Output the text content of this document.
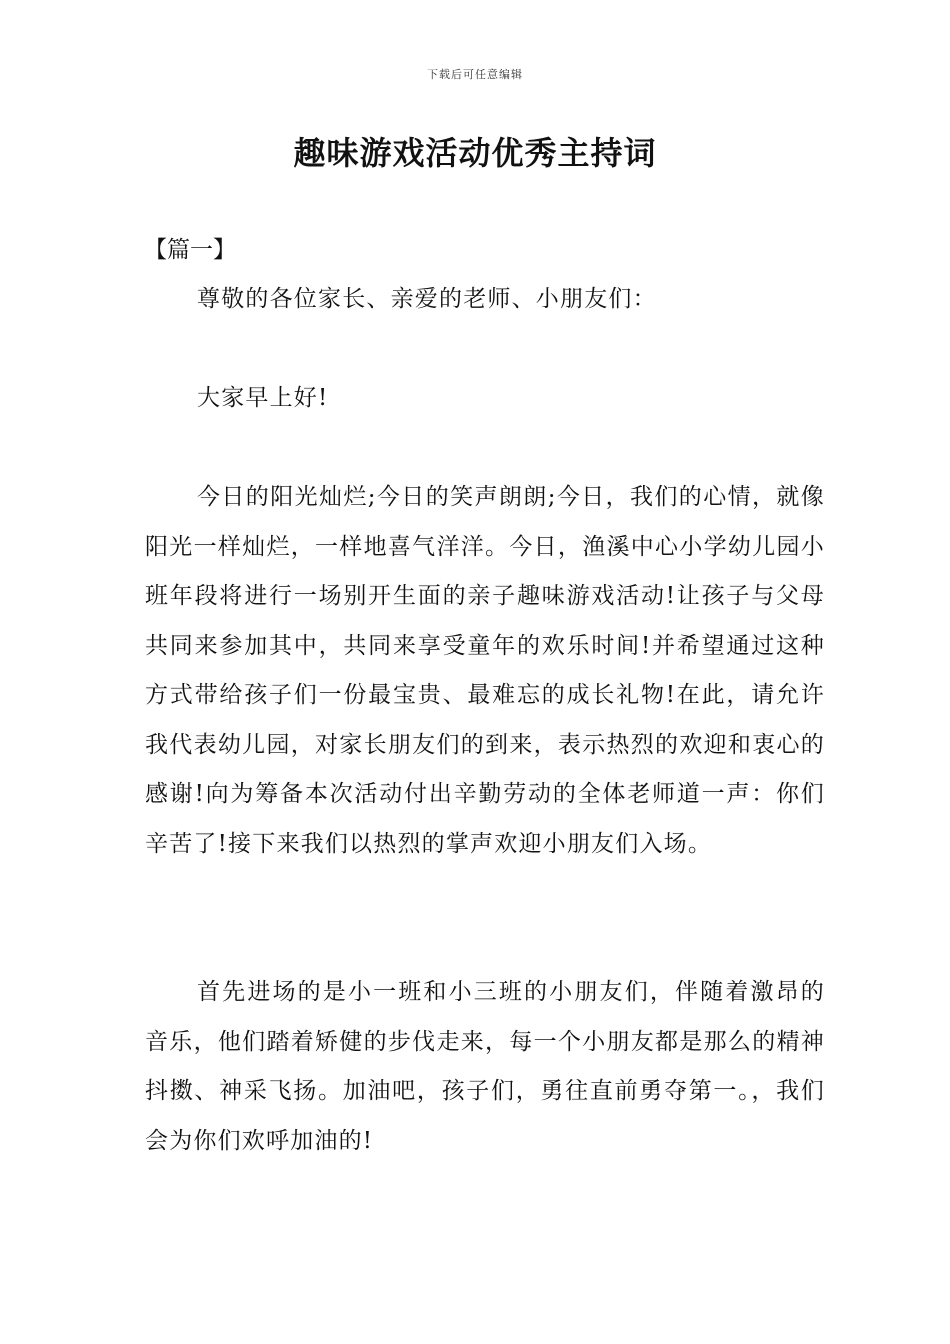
下载后可任意编辑
趣味游戏活动优秀主持词
【篇一】

尊敬的各位家长、亲爱的老师、小朋友们：

大家早上好!

今日的阳光灿烂;今日的笑声朗朗;今日，我们的心情，就像阳光一样灿烂，一样地喜气洋洋。今日，渔溪中心小学幼儿园小班年段将进行一场别开生面的亲子趣味游戏活动!让孩子与父母共同来参加其中，共同来享受童年的欢乐时间!并希望通过这种方式带给孩子们一份最宝贵、最难忘的成长礼物!在此，请允许我代表幼儿园，对家长朋友们的到来，表示热烈的欢迎和衷心的感谢!向为筹备本次活动付出辛勤劳动的全体老师道一声：你们辛苦了!接下来我们以热烈的掌声欢迎小朋友们入场。

首先进场的是小一班和小三班的小朋友们，伴随着激昂的音乐，他们踏着矫健的步伐走来，每一个小朋友都是那么的精神抖擞、神采飞扬。加油吧，孩子们，勇往直前勇夺第一。，我们会为你们欢呼加油的!
